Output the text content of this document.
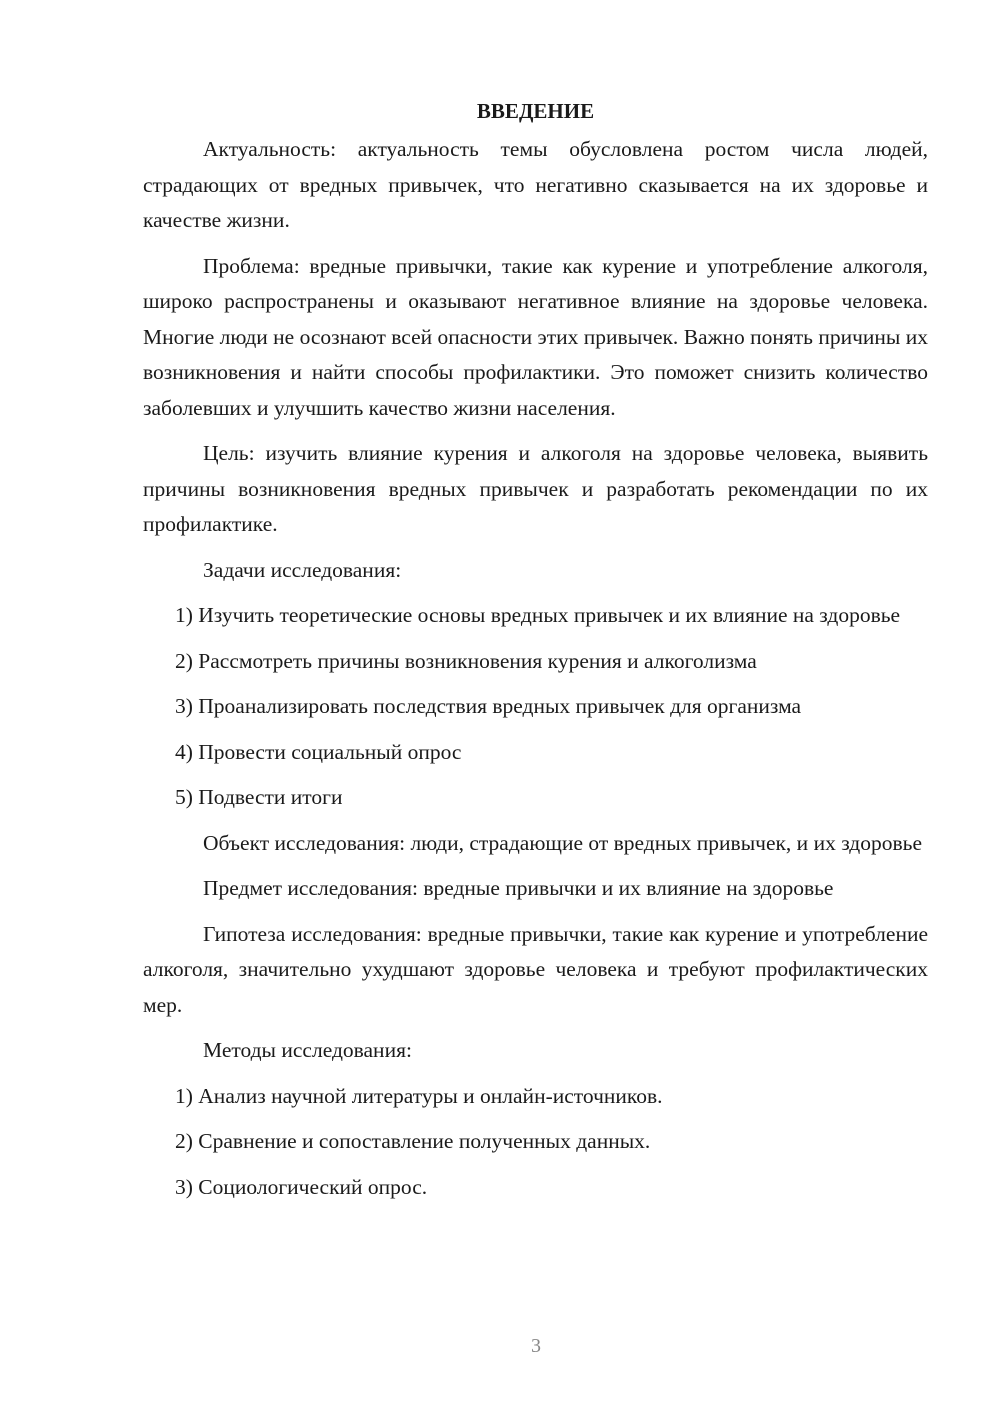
ВВЕДЕНИЕ

Актуальность: актуальность темы обусловлена ростом числа людей, страдающих от вредных привычек, что негативно сказывается на их здоровье и качестве жизни.

Проблема: вредные привычки, такие как курение и употребление алкоголя, широко распространены и оказывают негативное влияние на здоровье человека. Многие люди не осознают всей опасности этих привычек. Важно понять причины их возникновения и найти способы профилактики. Это поможет снизить количество заболевших и улучшить качество жизни населения.

Цель: изучить влияние курения и алкоголя на здоровье человека, выявить причины возникновения вредных привычек и разработать рекомендации по их профилактике.

Задачи исследования:

1) Изучить теоретические основы вредных привычек и их влияние на здоровье

2) Рассмотреть причины возникновения курения и алкоголизма

3) Проанализировать последствия вредных привычек для организма

4) Провести социальный опрос

5) Подвести итоги

Объект исследования: люди, страдающие от вредных привычек, и их здоровье

Предмет исследования: вредные привычки и их влияние на здоровье

Гипотеза исследования: вредные привычки, такие как курение и употребление алкоголя, значительно ухудшают здоровье человека и требуют профилактических мер.

Методы исследования:

1) Анализ научной литературы и онлайн-источников.

2) Сравнение и сопоставление полученных данных.

3) Социологический опрос.

3
